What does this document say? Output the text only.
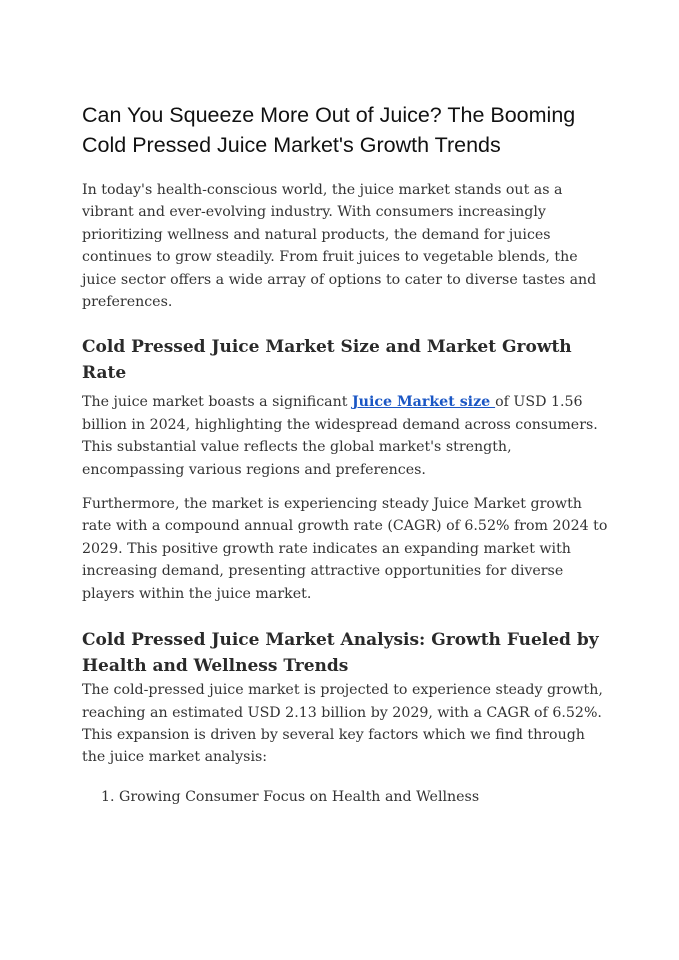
Can You Squeeze More Out of Juice? The Booming Cold Pressed Juice Market's Growth Trends

In today's health-conscious world, the juice market stands out as a vibrant and ever-evolving industry. With consumers increasingly prioritizing wellness and natural products, the demand for juices continues to grow steadily. From fruit juices to vegetable blends, the juice sector offers a wide array of options to cater to diverse tastes and preferences.

Cold Pressed Juice Market Size and Market Growth Rate

The juice market boasts a significant Juice Market size of USD 1.56 billion in 2024, highlighting the widespread demand across consumers. This substantial value reflects the global market's strength, encompassing various regions and preferences.

Furthermore, the market is experiencing steady Juice Market growth rate with a compound annual growth rate (CAGR) of 6.52% from 2024 to 2029. This positive growth rate indicates an expanding market with increasing demand, presenting attractive opportunities for diverse players within the juice market.

Cold Pressed Juice Market Analysis: Growth Fueled by Health and Wellness Trends

The cold-pressed juice market is projected to experience steady growth, reaching an estimated USD 2.13 billion by 2029, with a CAGR of 6.52%. This expansion is driven by several key factors which we find through the juice market analysis:

1. Growing Consumer Focus on Health and Wellness
